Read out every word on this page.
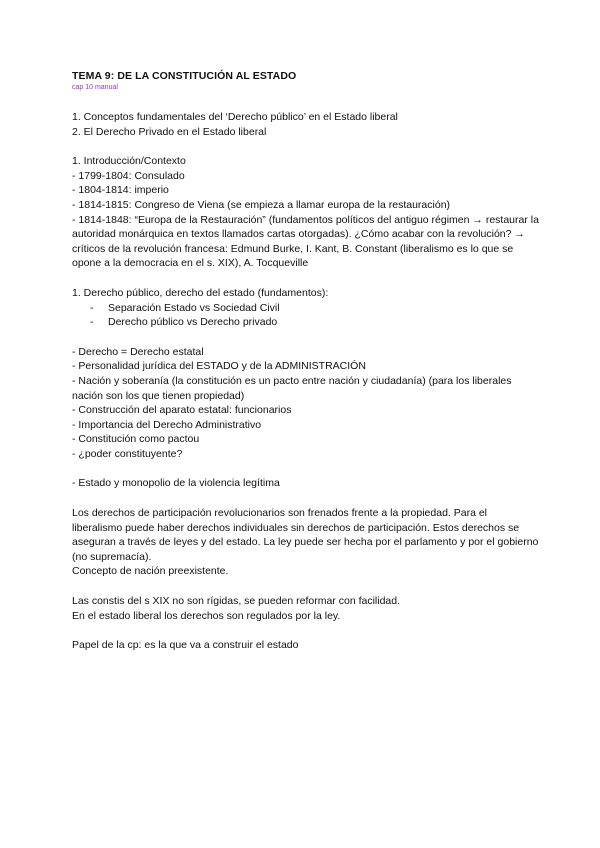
TEMA 9: DE LA CONSTITUCIÓN AL ESTADO

cap 10 manual

1. Conceptos fundamentales del ‘Derecho público’ en el Estado liberal

2. El Derecho Privado en el Estado liberal

1. Introducción/Contexto

- 1799-1804: Consulado

- 1804-1814: imperio

- 1814-1815: Congreso de Viena (se empieza a llamar europa de la restauración)

- 1814-1848: “Europa de la Restauración” (fundamentos políticos del antiguo régimen → restaurar la autoridad monárquica en textos llamados cartas otorgadas). ¿Cómo acabar con la revolución? → críticos de la revolución francesa: Edmund Burke, I. Kant, B. Constant (liberalismo es lo que se opone a la democracia en el s. XIX), A. Tocqueville

1. Derecho público, derecho del estado (fundamentos):

- Separación Estado vs Sociedad Civil
- Derecho público vs Derecho privado

- Derecho = Derecho estatal

- Personalidad jurídica del ESTADO y de la ADMINISTRACIÓN

- Nación y soberanía (la constitución es un pacto entre nación y ciudadanía) (para los liberales nación son los que tienen propiedad)

- Construcción del aparato estatal: funcionarios

- Importancia del Derecho Administrativo

- Constitución como pactou

- ¿poder constituyente?

- Estado y monopolio de la violencia legítima

Los derechos de participación revolucionarios son frenados frente a la propiedad. Para el liberalismo puede haber derechos individuales sin derechos de participación. Estos derechos se aseguran a través de leyes y del estado. La ley puede ser hecha por el parlamento y por el gobierno (no supremacía).

Concepto de nación preexistente.

Las constis del s XIX no son rígidas, se pueden reformar con facilidad.

En el estado liberal los derechos son regulados por la ley.

Papel de la cp: es la que va a construir el estado
